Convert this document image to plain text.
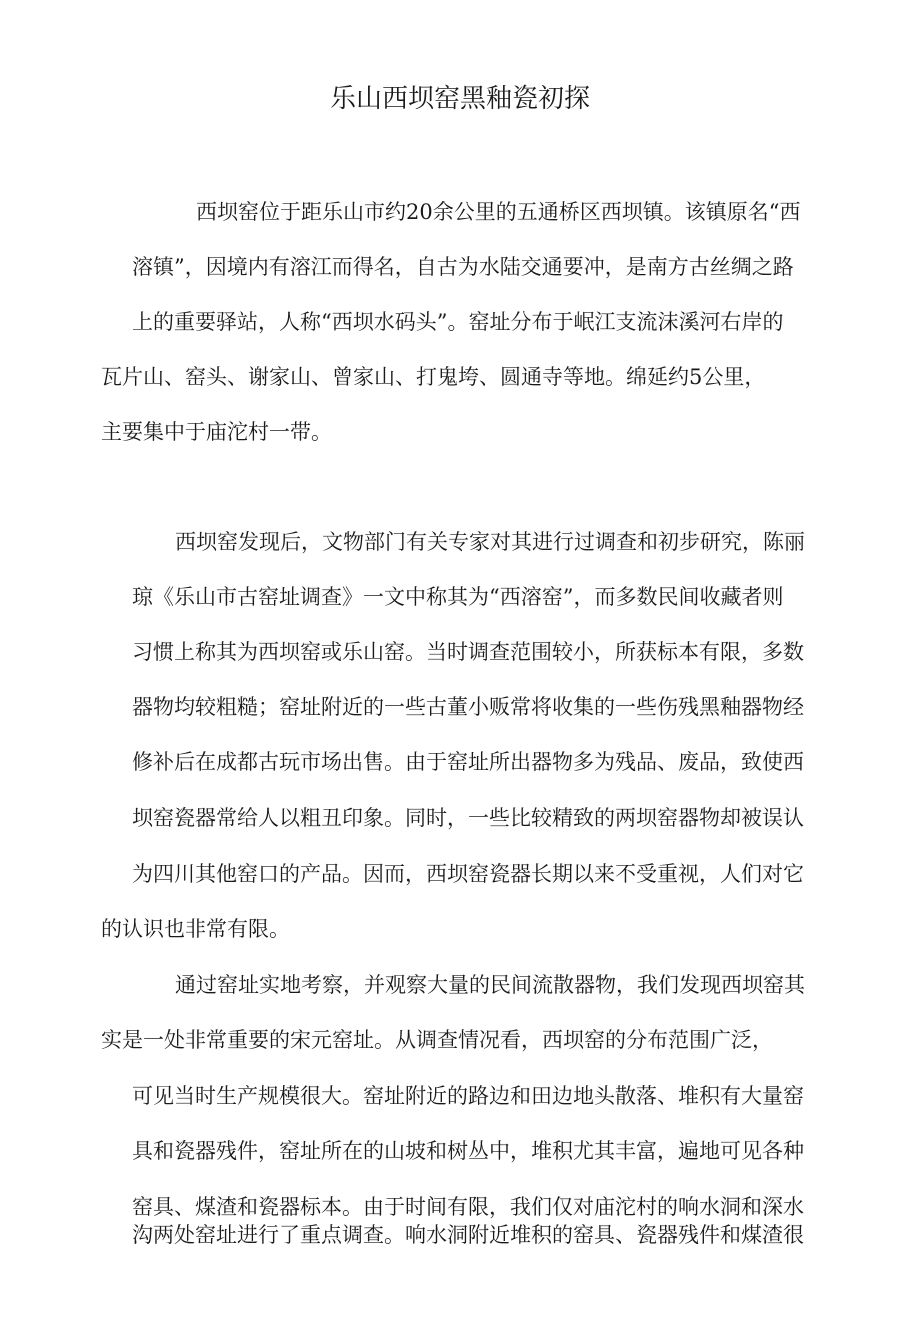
乐山西坝窑黑釉瓷初探
西坝窑位于距乐山市约20余公里的五通桥区西坝镇。该镇原名“西
溶镇”，因境内有溶江而得名，自古为水陆交通要冲，是南方古丝绸之路
上的重要驿站，人称“西坝水码头”。窑址分布于岷江支流沫溪河右岸的
瓦片山、窑头、谢家山、曾家山、打鬼垮、圆通寺等地。绵延约5公里，
主要集中于庙沱村一带。
西坝窑发现后，文物部门有关专家对其进行过调查和初步研究，陈丽
琼《乐山市古窑址调查》一文中称其为“西溶窑”，而多数民间收藏者则
习惯上称其为西坝窑或乐山窑。当时调查范围较小，所获标本有限，多数
器物均较粗糙；窑址附近的一些古董小贩常将收集的一些伤残黑釉器物经
修补后在成都古玩市场出售。由于窑址所出器物多为残品、废品，致使西
坝窑瓷器常给人以粗丑印象。同时，一些比较精致的两坝窑器物却被误认
为四川其他窑口的产品。因而，西坝窑瓷器长期以来不受重视，人们对它
的认识也非常有限。
通过窑址实地考察，并观察大量的民间流散器物，我们发现西坝窑其
实是一处非常重要的宋元窑址。从调查情况看，西坝窑的分布范围广泛，
可见当时生产规模很大。窑址附近的路边和田边地头散落、堆积有大量窑
具和瓷器残件，窑址所在的山坡和树丛中，堆积尤其丰富，遍地可见各种
窑具、煤渣和瓷器标本。由于时间有限，我们仅对庙沱村的响水洞和深水
沟两处窑址进行了重点调查。响水洞附近堆积的窑具、瓷器残件和煤渣很
